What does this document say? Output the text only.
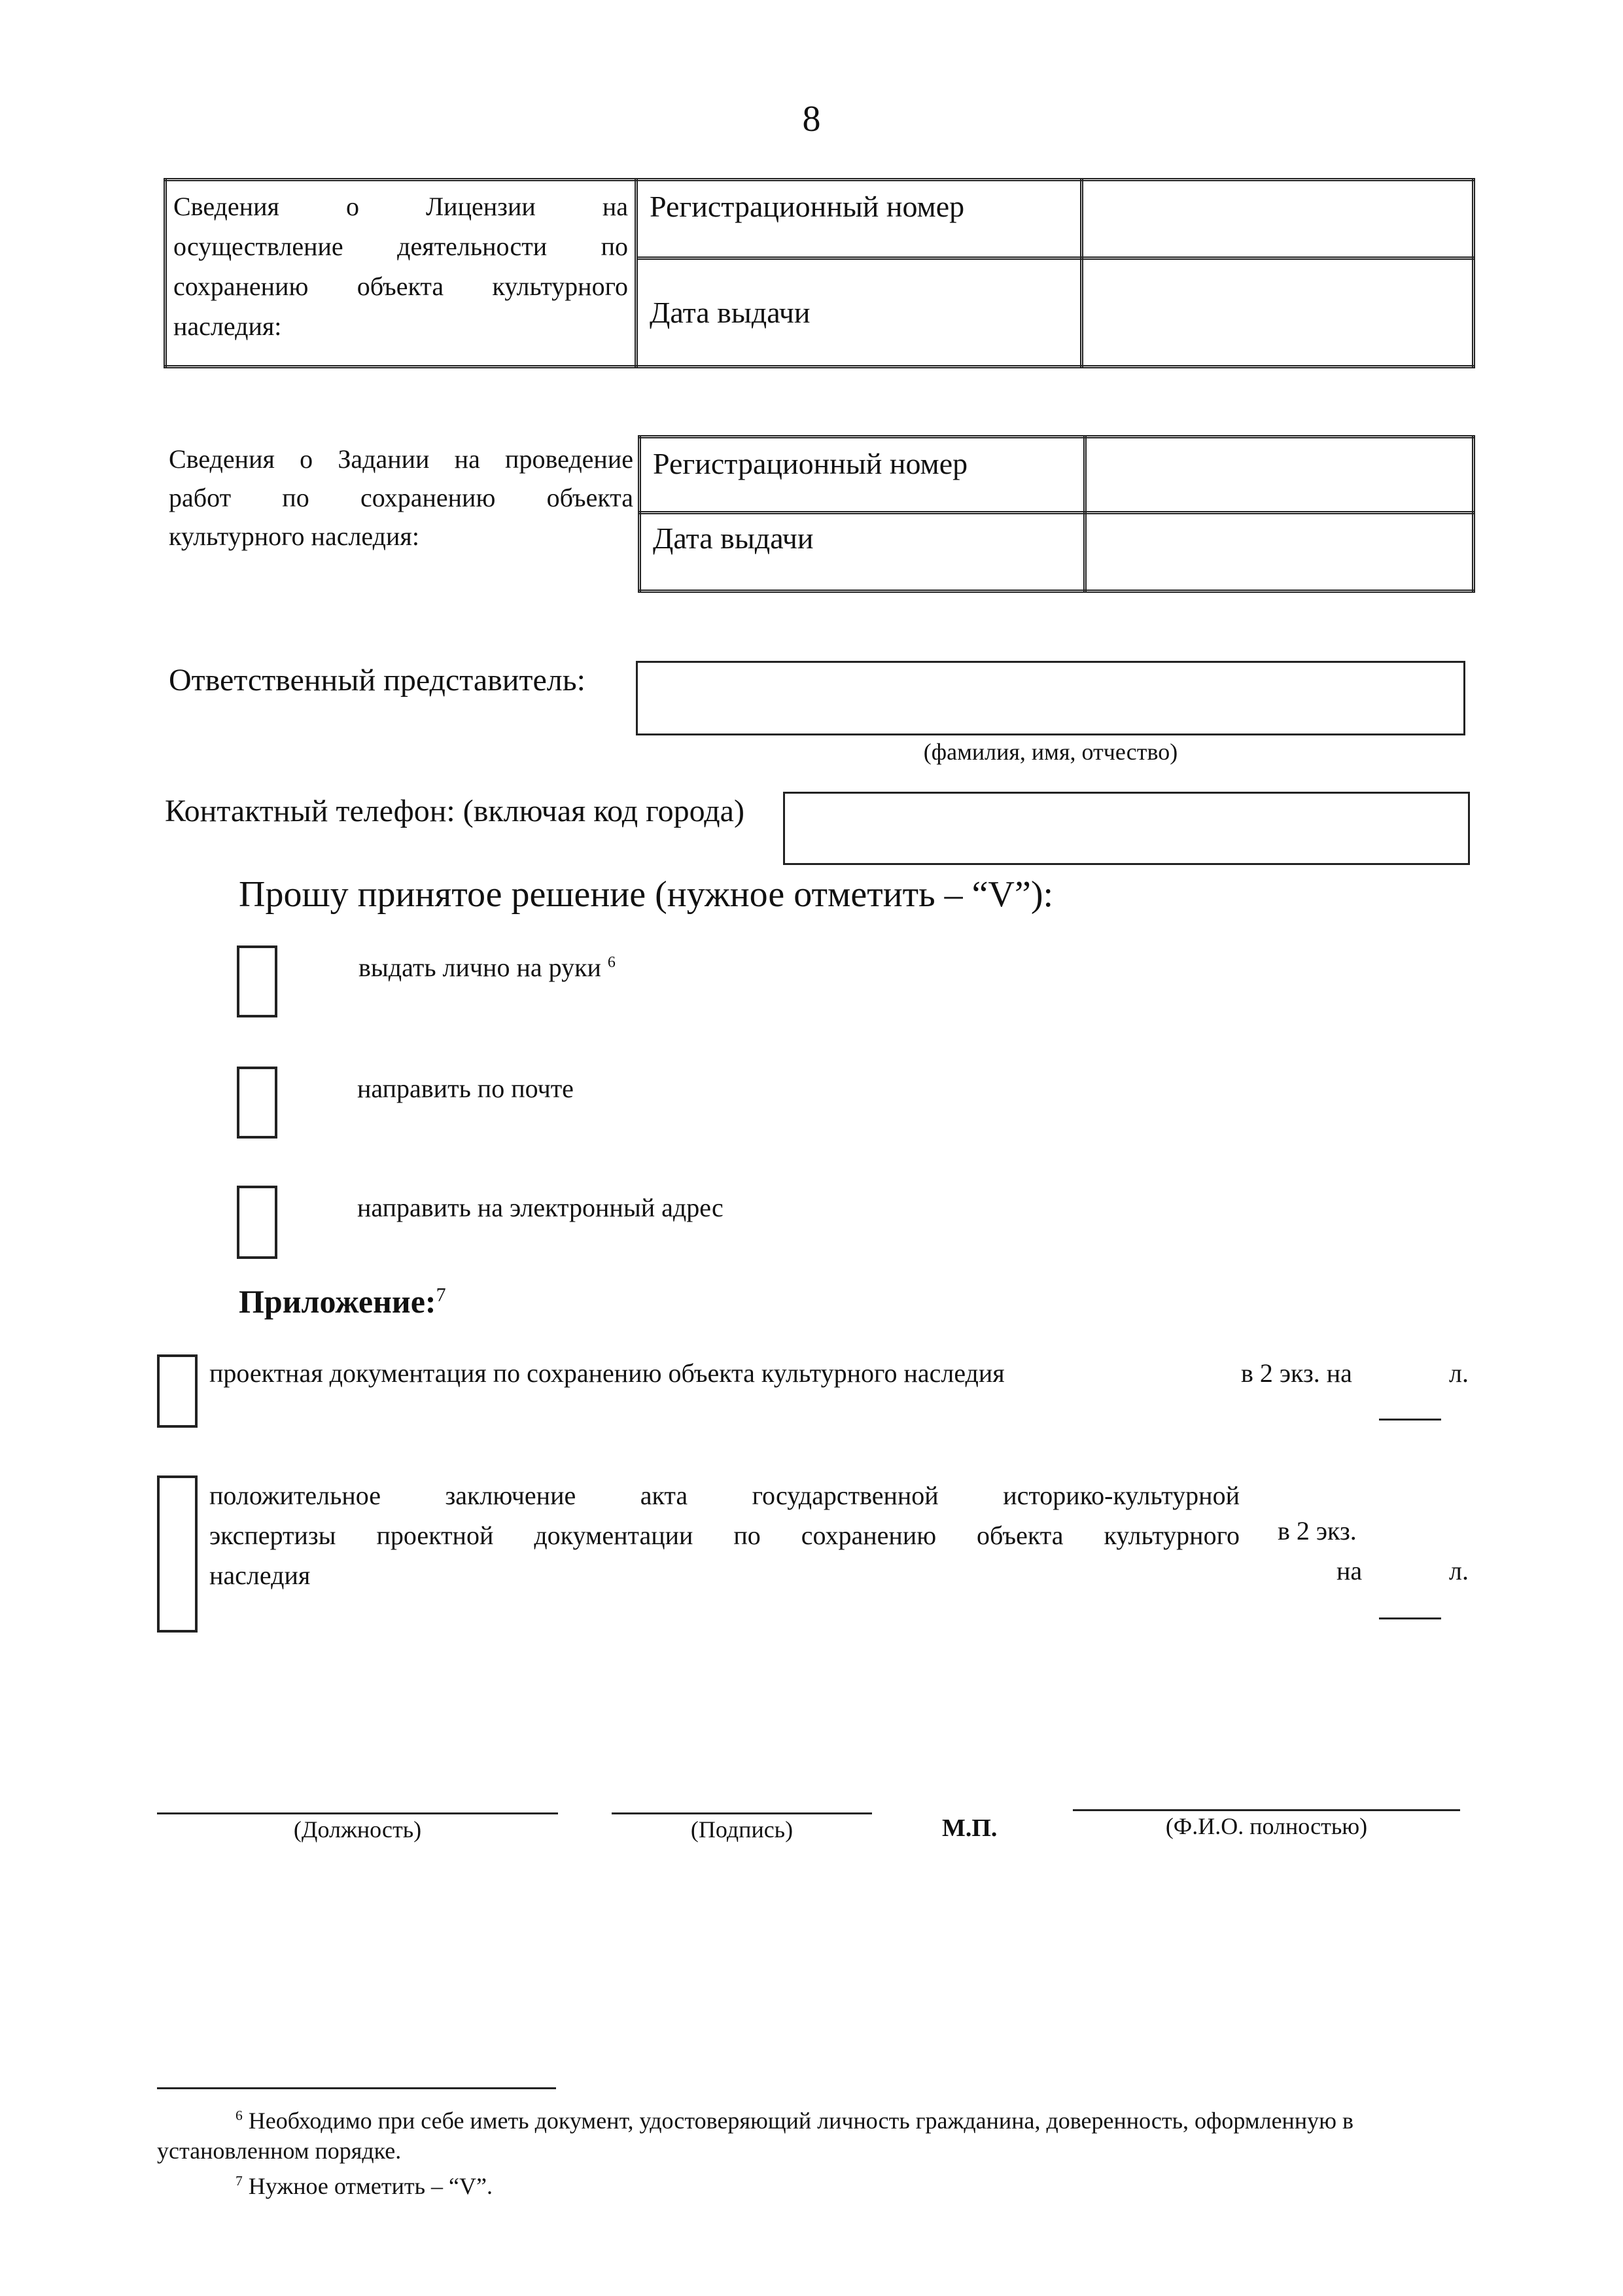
8
Сведения о Лицензии на
осуществление деятельности по
сохранению объекта культурного
наследия:	Регистрационный номер	
	Дата выдачи	
Сведения о Задании на проведение
работ по сохранению объекта
культурного наследия:
Регистрационный номер	
Дата выдачи	
Ответственный представитель:
(фамилия, имя, отчество)
Контактный телефон: (включая код города)
Прошу принятое решение (нужное отметить – “V”):
выдать лично на руки $^6$
направить по почте
направить на электронный адрес
Приложение:$^7$
проектная документация по сохранению объекта культурного наследия	в 2 экз. на	л.
положительное заключение акта государственной историко-культурной
экспертизы проектной документации по сохранению объекта культурного
наследия
в 2 экз.
на	л.
(Должность)	(Подпись)	М.П.	(Ф.И.О. полностью)
$^6$ Необходимо при себе иметь документ, удостоверяющий личность гражданина, доверенность, оформленную в
установленном порядке.
$^7$ Нужное отметить – “V”.
